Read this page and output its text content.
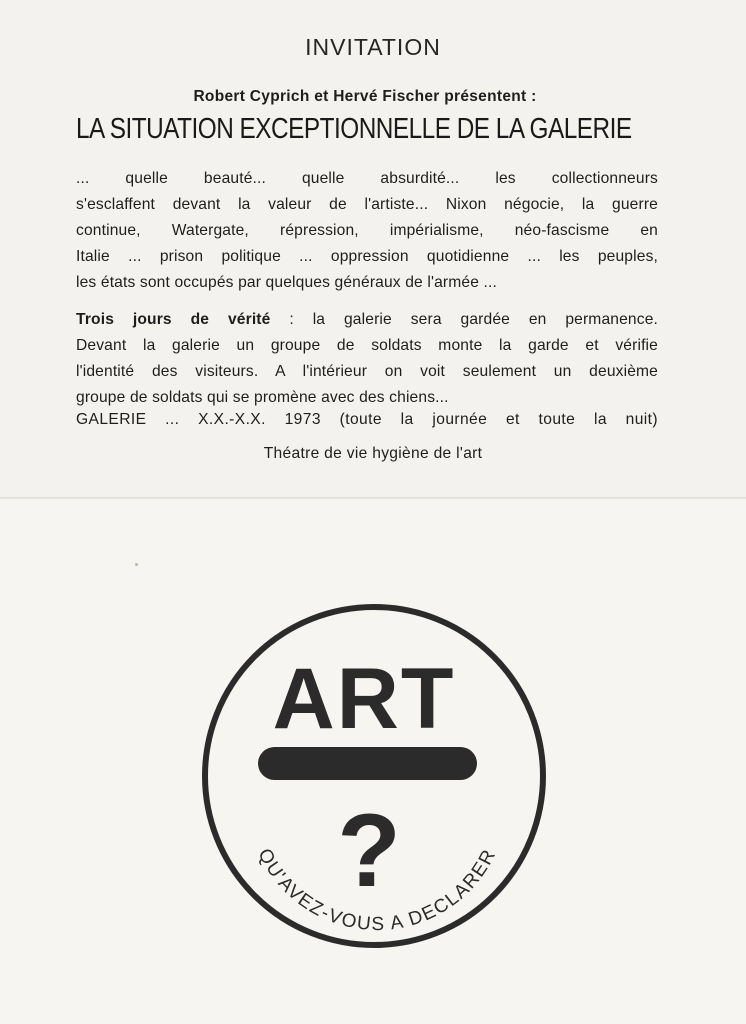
INVITATION
Robert Cyprich et Hervé Fischer présentent :
LA SITUATION EXCEPTIONNELLE DE LA GALERIE
... quelle beauté... quelle absurdité... les collectionneurs
s'esclaffent devant la valeur de l'artiste... Nixon négocie, la guerre
continue, Watergate, répression, impérialisme, néo-fascisme en
Italie ... prison politique ... oppression quotidienne ... les peuples,
les états sont occupés par quelques généraux de l'armée ...
Trois jours de vérité : la galerie sera gardée en permanence.
Devant la galerie un groupe de soldats monte la garde et vérifie
l'identité des visiteurs. A l'intérieur on voit seulement un deuxième
groupe de soldats qui se promène avec des chiens...
GALERIE ... X.X.-X.X. 1973 (toute la journée et toute la nuit)
Théatre de vie hygiène de l'art
ART
?
QU'AVEZ-VOUS A DECLARER
